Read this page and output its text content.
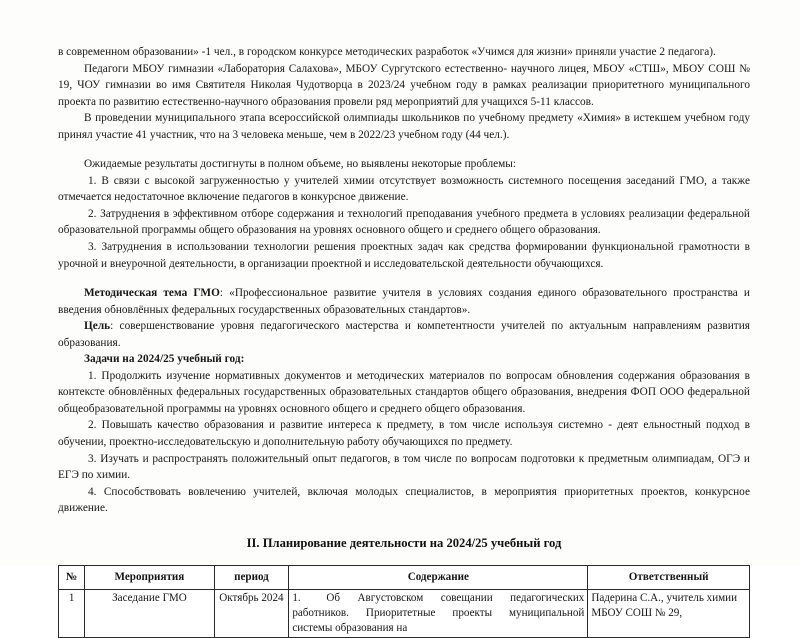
в современном образовании» -1 чел., в городском конкурсе методических разработок «Учимся для жизни» приняли участие 2 педагога).

Педагоги МБОУ гимназии «Лаборатория Салахова», МБОУ Сургутского естественно- научного лицея, МБОУ «СТШ», МБОУ СОШ № 19, ЧОУ гимназии во имя Святителя Николая Чудотворца в 2023/24 учебном году в рамках реализации приоритетного муниципального проекта по развитию естественно-научного образования провели ряд мероприятий для учащихся 5-11 классов.

В проведении муниципального этапа всероссийской олимпиады школьников по учебному предмету «Химия» в истекшем учебном году принял участие 41 участник, что на 3 человека меньше, чем в 2022/23 учебном году (44 чел.).

Ожидаемые результаты достигнуты в полном объеме, но выявлены некоторые проблемы:

1. В связи с высокой загруженностью у учителей химии отсутствует возможность системного посещения заседаний ГМО, а также отмечается недостаточное включение педагогов в конкурсное движение.

2. Затруднения в эффективном отборе содержания и технологий преподавания учебного предмета в условиях реализации федеральной образовательной программы общего образования на уровнях основного общего и среднего общего образования.

3. Затруднения в использовании технологии решения проектных задач как средства формировании функциональной грамотности в урочной и внеурочной деятельности, в организации проектной и исследовательской деятельности обучающихся.

Методическая тема ГМО: «Профессиональное развитие учителя в условиях создания единого образовательного пространства и введения обновлённых федеральных государственных образовательных стандартов».

Цель: совершенствование уровня педагогического мастерства и компетентности учителей по актуальным направлениям развития образования.

Задачи на 2024/25 учебный год:

1. Продолжить изучение нормативных документов и методических материалов по вопросам обновления содержания образования в контексте обновлённых федеральных государственных образовательных стандартов общего образования, внедрения ФОП ООО федеральной общеобразовательной программы на уровнях основного общего и среднего общего образования.

2. Повышать качество образования и развитие интереса к предмету, в том числе используя системно - деят ельностный подход в обучении, проектно-исследовательскую и дополнительную работу обучающихся по предмету.

3. Изучать и распространять положительный опыт педагогов, в том числе по вопросам подготовки к предметным олимпиадам, ОГЭ и ЕГЭ по химии.

4. Способствовать вовлечению учителей, включая молодых специалистов, в мероприятия приоритетных проектов, конкурсное движение.

II. Планирование деятельности на 2024/25 учебный год
№	Мероприятия	период	Содержание	Ответственный
1	Заседание ГМО	Октябрь 2024	1. Об Августовском совещании педагогических работников. Приоритетные проекты муниципальной системы образования на	Падерина С.А., учитель химии МБОУ СОШ № 29,
